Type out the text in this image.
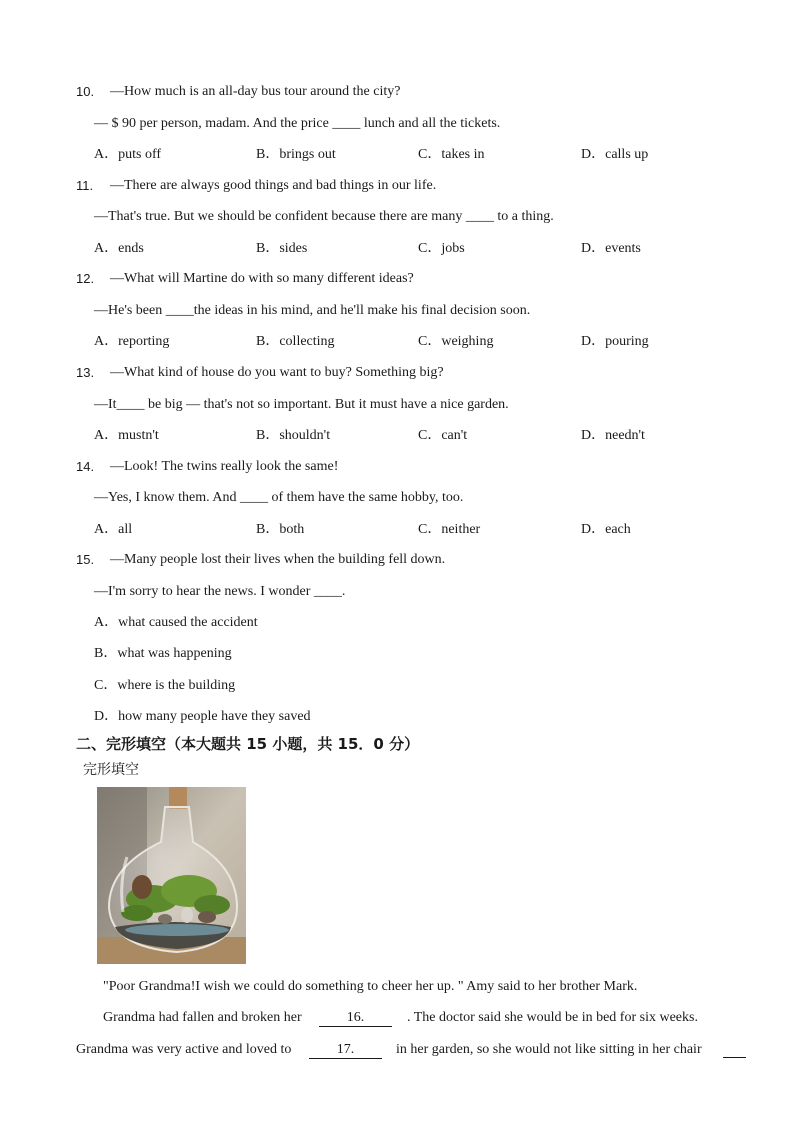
10. —How much is an all-day bus tour around the city?
— $ 90 per person, madam. And the price ____ lunch and all the tickets.
A．puts off	B．brings out	C．takes in	D．calls up
11. —There are always good things and bad things in our life.
—That's true. But we should be confident because there are many ____ to a thing.
A．ends	B．sides	C．jobs	D．events
12. —What will Martine do with so many different ideas?
—He's been ____the ideas in his mind, and he'll make his final decision soon.
A．reporting	B．collecting	C．weighing	D．pouring
13. —What kind of house do you want to buy? Something big?
—It____ be big — that's not so important. But it must have a nice garden.
A．mustn't	B．shouldn't	C．can't	D．needn't
14. —Look! The twins really look the same!
—Yes, I know them. And ____ of them have the same hobby, too.
A．all	B．both	C．neither	D．each
15. —Many people lost their lives when the building fell down.
—I'm sorry to hear the news. I wonder ____.
A．what caused the accident
B．what was happening
C．where is the building
D．how many people have they saved
二、完形填空（本大题共 15 小题，共 15．0 分）
完形填空
"Poor Grandma!I wish we could do something to cheer her up. " Amy said to her brother Mark.
Grandma had fallen and broken her	16.	. The doctor said she would be in bed for six weeks.
Grandma was very active and loved to	17.	in her garden, so she would not like sitting in her chair
